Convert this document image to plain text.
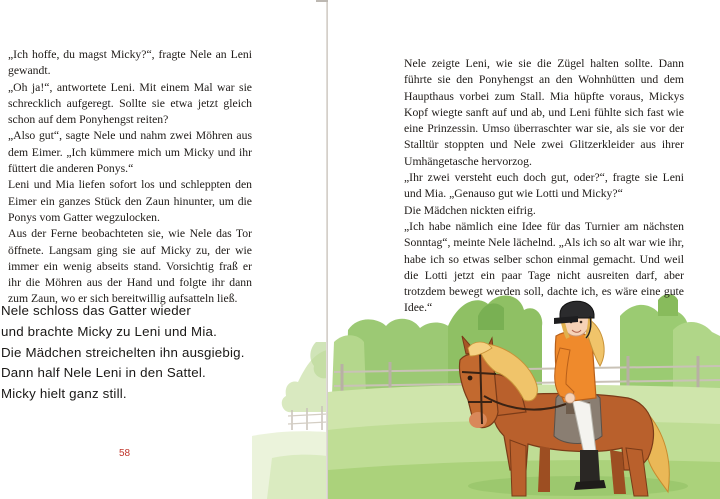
„Ich hoffe, du magst Micky?“, fragte Nele an Leni gewandt.

„Oh ja!“, antwortete Leni. Mit einem Mal war sie schrecklich aufgeregt. Sollte sie etwa jetzt gleich schon auf dem Ponyhengst reiten?

„Also gut“, sagte Nele und nahm zwei Möhren aus dem Eimer. „Ich kümmere mich um Micky und ihr füttert die anderen Ponys.“

Leni und Mia liefen sofort los und schleppten den Eimer ein ganzes Stück den Zaun hinunter, um die Ponys vom Gatter wegzulocken.

Aus der Ferne beobachteten sie, wie Nele das Tor öffnete. Langsam ging sie auf Micky zu, der wie immer ein wenig abseits stand. Vorsichtig fraß er ihr die Möhren aus der Hand und folgte ihr dann zum Zaun, wo er sich bereitwillig aufsatteln ließ.

Nele schloss das Gatter wieder

und brachte Micky zu Leni und Mia.

Die Mädchen streichelten ihn ausgiebig.

Dann half Nele Leni in den Sattel.

Micky hielt ganz still.

58

Nele zeigte Leni, wie sie die Zügel halten sollte. Dann führte sie den Ponyhengst an den Wohnhütten und dem Haupthaus vorbei zum Stall. Mia hüpfte voraus, Mickys Kopf wiegte sanft auf und ab, und Leni fühlte sich fast wie eine Prinzessin. Umso überraschter war sie, als sie vor der Stalltür stoppten und Nele zwei Glitzerkleider aus ihrer Umhängetasche hervorzog.

„Ihr zwei versteht euch doch gut, oder?“, fragte sie Leni und Mia. „Genauso gut wie Lotti und Micky?“

Die Mädchen nickten eifrig.

„Ich habe nämlich eine Idee für das Turnier am nächsten Sonntag“, meinte Nele lächelnd. „Als ich so alt war wie ihr, habe ich so etwas selber schon einmal gemacht. Und weil die Lotti jetzt ein paar Tage nicht ausreiten darf, aber trotzdem bewegt werden soll, dachte ich, es wäre eine gute Idee.“
